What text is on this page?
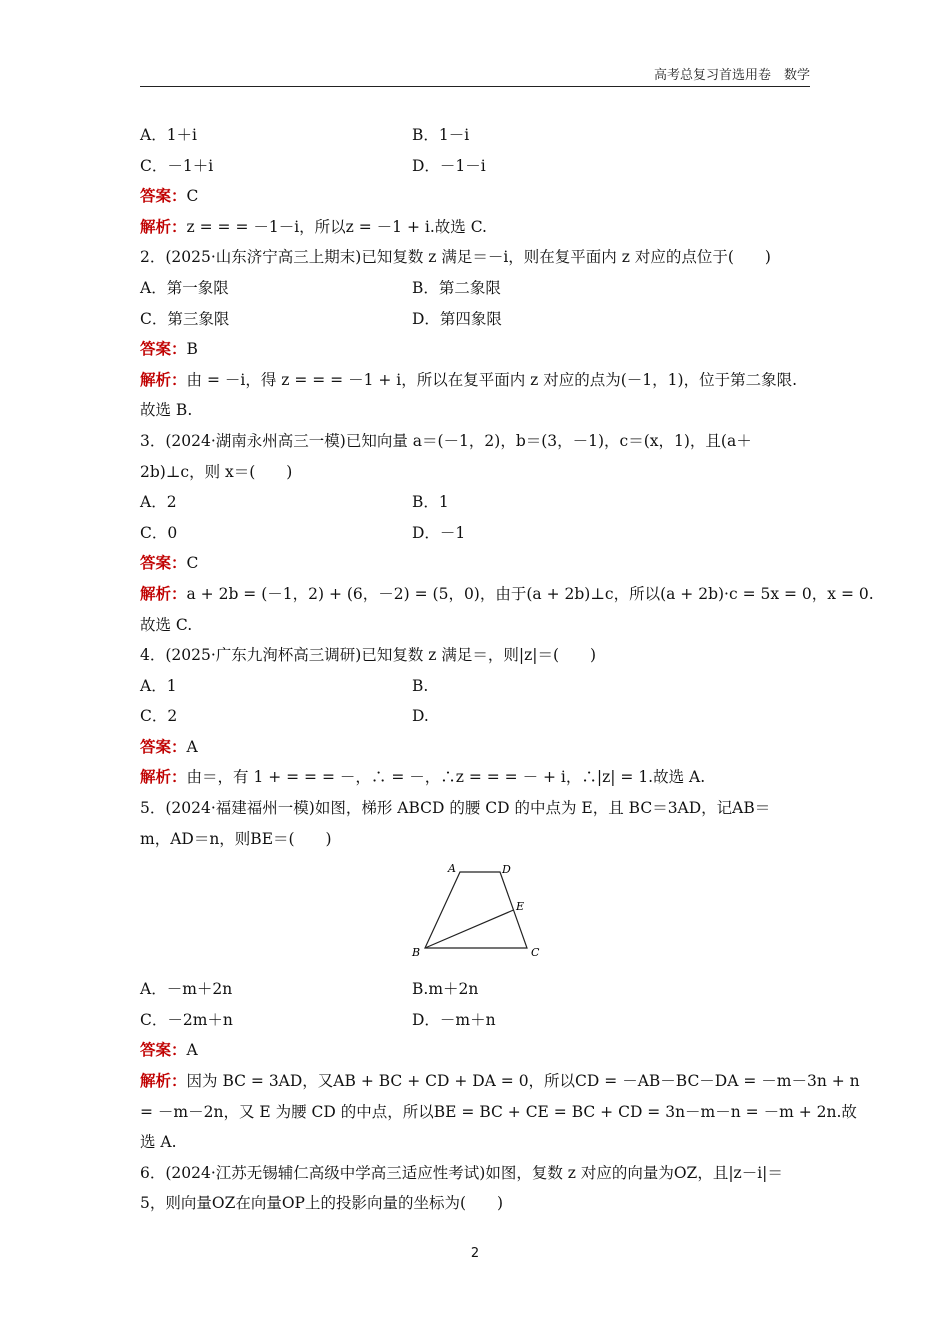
高考总复习首选用卷　数学
A．1＋i	B．1－i
C．－1＋i	D．－1－i
答案：C
解析：z = = = －1－i，所以z = －1 + i.故选 C.
2．(2025·山东济宁高三上期末)已知复数 z 满足＝－i，则在复平面内 z 对应的点位于(　　)
A．第一象限	B．第二象限
C．第三象限	D．第四象限
答案：B
解析：由 = －i，得 z = = = －1 + i，所以在复平面内 z 对应的点为(－1，1)，位于第二象限.
故选 B.
3．(2024·湖南永州高三一模)已知向量 a＝(－1，2)，b＝(3，－1)，c＝(x，1)，且(a＋
2b)⊥c，则 x＝(　　)
A．2	B．1
C．0	D．－1
答案：C
解析：a + 2b = (－1，2) + (6，－2) = (5，0)，由于(a + 2b)⊥c，所以(a + 2b)·c = 5x = 0，x = 0.
故选 C.
4．(2025·广东九洵杯高三调研)已知复数 z 满足＝，则|z|＝(　　)
A．1	B.
C．2	D.
答案：A
解析：由＝，有 1 + = = = －，∴ = －，∴z = = = － + i，∴|z| = 1.故选 A.
5．(2024·福建福州一模)如图，梯形 ABCD 的腰 CD 的中点为 E，且 BC＝3AD，记AB＝
m，AD＝n，则BE＝(　　)
A	D
E
B	C
A．－m＋2n	B.m＋2n
C．－2m＋n	D．－m＋n
答案：A
解析：因为 BC = 3AD，又AB + BC + CD + DA = 0，所以CD = －AB－BC－DA = －m－3n + n
= －m－2n，又 E 为腰 CD 的中点，所以BE = BC + CE = BC + CD = 3n－m－n = －m + 2n.故
选 A.
6．(2024·江苏无锡辅仁高级中学高三适应性考试)如图，复数 z 对应的向量为OZ，且|z－i|＝
5，则向量OZ在向量OP上的投影向量的坐标为(　　)
2
